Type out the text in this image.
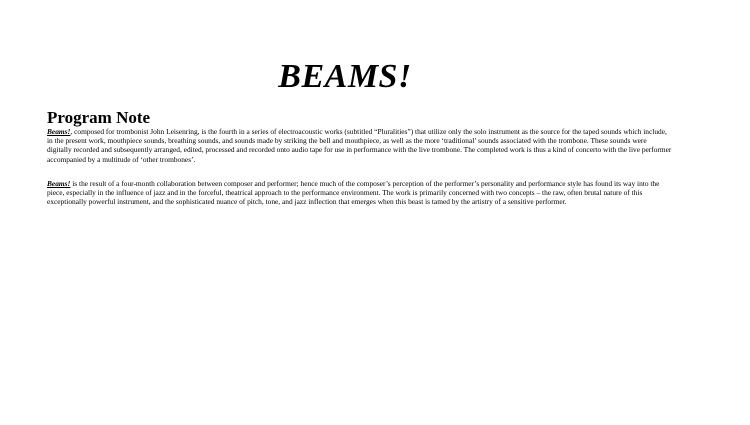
BEAMS!
Program Note

Beams!, composed for trombonist John Leisenring, is the fourth in a series of electroacoustic works (subtitled “Pluralities”) that utilize only the solo instrument as the source for the taped sounds which include, in the present work, mouthpiece sounds, breathing sounds, and sounds made by striking the bell and mouthpiece, as well as the more ‘traditional’ sounds associated with the trombone. These sounds were digitally recorded and subsequently arranged, edited, processed and recorded onto audio tape for use in performance with the live trombone. The completed work is thus a kind of concerto with the live performer accompanied by a multitude of ‘other trombones’.

Beams! is the result of a four-month collaboration between composer and performer; hence much of the composer’s perception of the performer’s personality and performance style has found its way into the piece, especially in the influence of jazz and in the forceful, theatrical approach to the performance environment. The work is primarily concerned with two concepts – the raw, often brutal nature of this exceptionally powerful instrument, and the sophisticated nuance of pitch, tone, and jazz inflection that emerges when this beast is tamed by the artistry of a sensitive performer.
